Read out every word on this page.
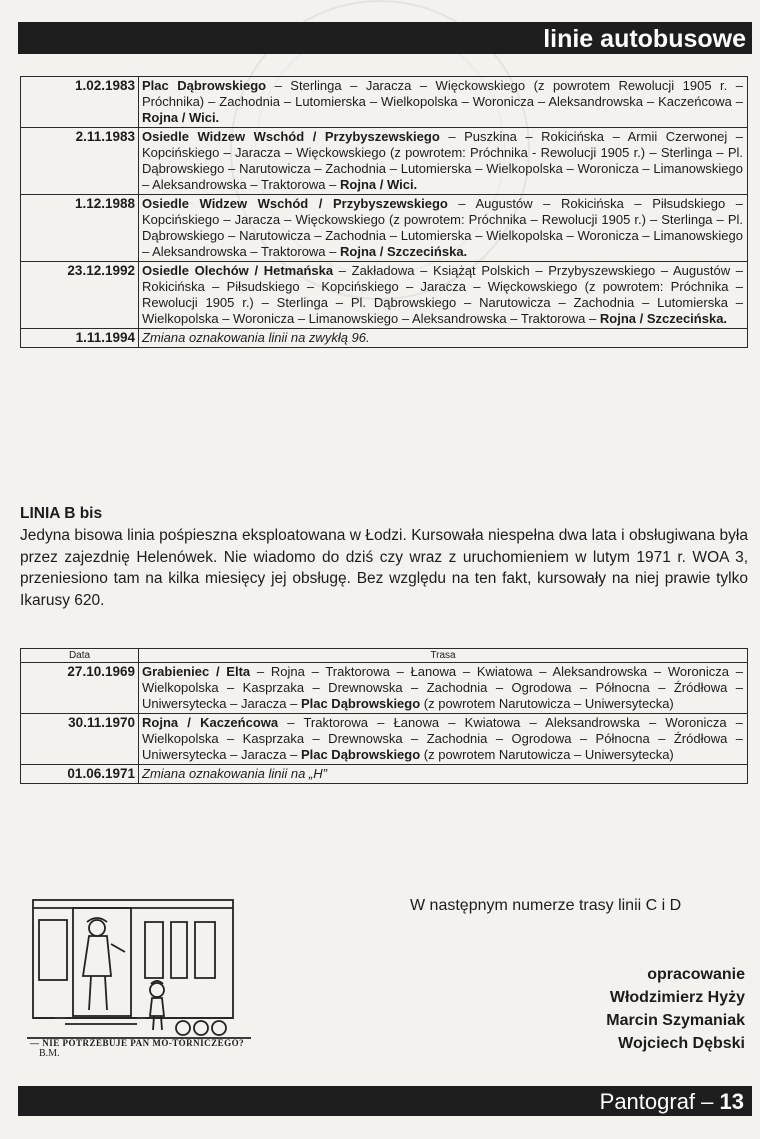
linie autobusowe
1.02.1983	Plac Dąbrowskiego – Sterlinga – Jaracza – Więckowskiego (z powrotem Rewolucji 1905 r. – Próchnika) – Zachodnia – Lutomierska – Wielkopolska – Woronicza – Aleksandrowska – Kaczeńcowa – Rojna / Wici.
2.11.1983	Osiedle Widzew Wschód / Przybyszewskiego – Puszkina – Rokicińska – Armii Czerwonej – Kopcińskiego – Jaracza – Więckowskiego (z powrotem: Próchnika - Rewolucji 1905 r.) – Sterlinga – Pl. Dąbrowskiego – Narutowicza – Zachodnia – Lutomierska – Wielkopolska – Woronicza – Limanowskiego – Aleksandrowska – Traktorowa – Rojna / Wici.
1.12.1988	Osiedle Widzew Wschód / Przybyszewskiego – Augustów – Rokicińska – Piłsudskiego – Kopcińskiego – Jaracza – Więckowskiego (z powrotem: Próchnika – Rewolucji 1905 r.) – Sterlinga – Pl. Dąbrowskiego – Narutowicza – Zachodnia – Lutomierska – Wielkopolska – Woronicza – Limanowskiego – Aleksandrowska – Traktorowa – Rojna / Szczecińska.
23.12.1992	Osiedle Olechów / Hetmańska – Zakładowa – Książąt Polskich – Przybyszewskiego – Augustów – Rokicińska – Piłsudskiego – Kopcińskiego – Jaracza – Więckowskiego (z powrotem: Próchnika – Rewolucji 1905 r.) – Sterlinga – Pl. Dąbrowskiego – Narutowicza – Zachodnia – Lutomierska – Wielkopolska – Woronicza – Limanowskiego – Aleksandrowska – Traktorowa – Rojna / Szczecińska.
1.11.1994	Zmiana oznakowania linii na zwykłą 96.
LINIA B bis
Jedyna bisowa linia pośpieszna eksploatowana w Łodzi. Kursowała niespełna dwa lata i obsługiwana była przez zajezdnię Helenówek. Nie wiadomo do dziś czy wraz z uruchomieniem w lutym 1971 r. WOA 3, przeniesiono tam na kilka miesięcy jej obsługę. Bez względu na ten fakt, kursowały na niej prawie tylko Ikarusy 620.
Data	Trasa
27.10.1969	Grabieniec / Elta – Rojna – Traktorowa – Łanowa – Kwiatowa – Aleksandrowska – Woronicza – Wielkopolska – Kasprzaka – Drewnowska – Zachodnia – Ogrodowa – Północna – Źródłowa – Uniwersytecka – Jaracza – Plac Dąbrowskiego (z powrotem Narutowicza – Uniwersytecka)
30.11.1970	Rojna / Kaczeńcowa – Traktorowa – Łanowa – Kwiatowa – Aleksandrowska – Woronicza – Wielkopolska – Kasprzaka – Drewnowska – Zachodnia – Ogrodowa – Północna – Źródłowa – Uniwersytecka – Jaracza – Plac Dąbrowskiego (z powrotem Narutowicza – Uniwersytecka)
01.06.1971	Zmiana oznakowania linii na „H”
B.M.
— NIE POTRZEBUJE PAN MO-TORNICZEGO?
W następnym numerze trasy linii C i D
opracowanie
Włodzimierz Hyży
Marcin Szymaniak
Wojciech Dębski
Pantograf – 13
